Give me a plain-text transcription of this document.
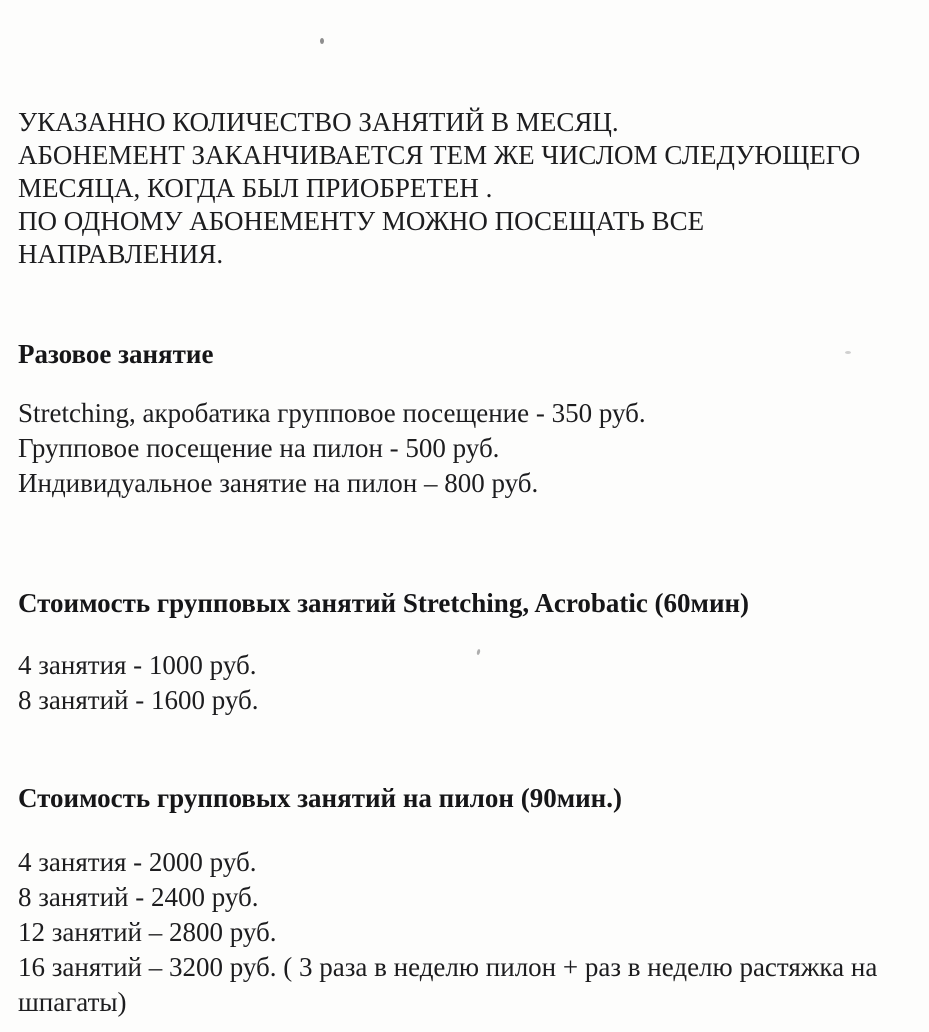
УКАЗАННО КОЛИЧЕСТВО ЗАНЯТИЙ В МЕСЯЦ.
АБОНЕМЕНТ ЗАКАНЧИВАЕТСЯ ТЕМ ЖЕ ЧИСЛОМ СЛЕДУЮЩЕГО
МЕСЯЦА, КОГДА БЫЛ ПРИОБРЕТЕН .
ПО ОДНОМУ АБОНЕМЕНТУ МОЖНО ПОСЕЩАТЬ ВСЕ
НАПРАВЛЕНИЯ.
Разовое занятие
Stretching, акробатика групповое посещение - 350 руб.
Групповое посещение на пилон - 500 руб.
Индивидуальное занятие на пилон – 800 руб.
Стоимость групповых занятий Stretching, Acrobatic (60мин)
4 занятия - 1000 руб.
8 занятий - 1600 руб.
Стоимость групповых занятий на пилон (90мин.)
4 занятия - 2000 руб.
8 занятий - 2400 руб.
12 занятий – 2800 руб.
16 занятий – 3200 руб. ( 3 раза в неделю пилон + раз в неделю растяжка на
шпагаты)
